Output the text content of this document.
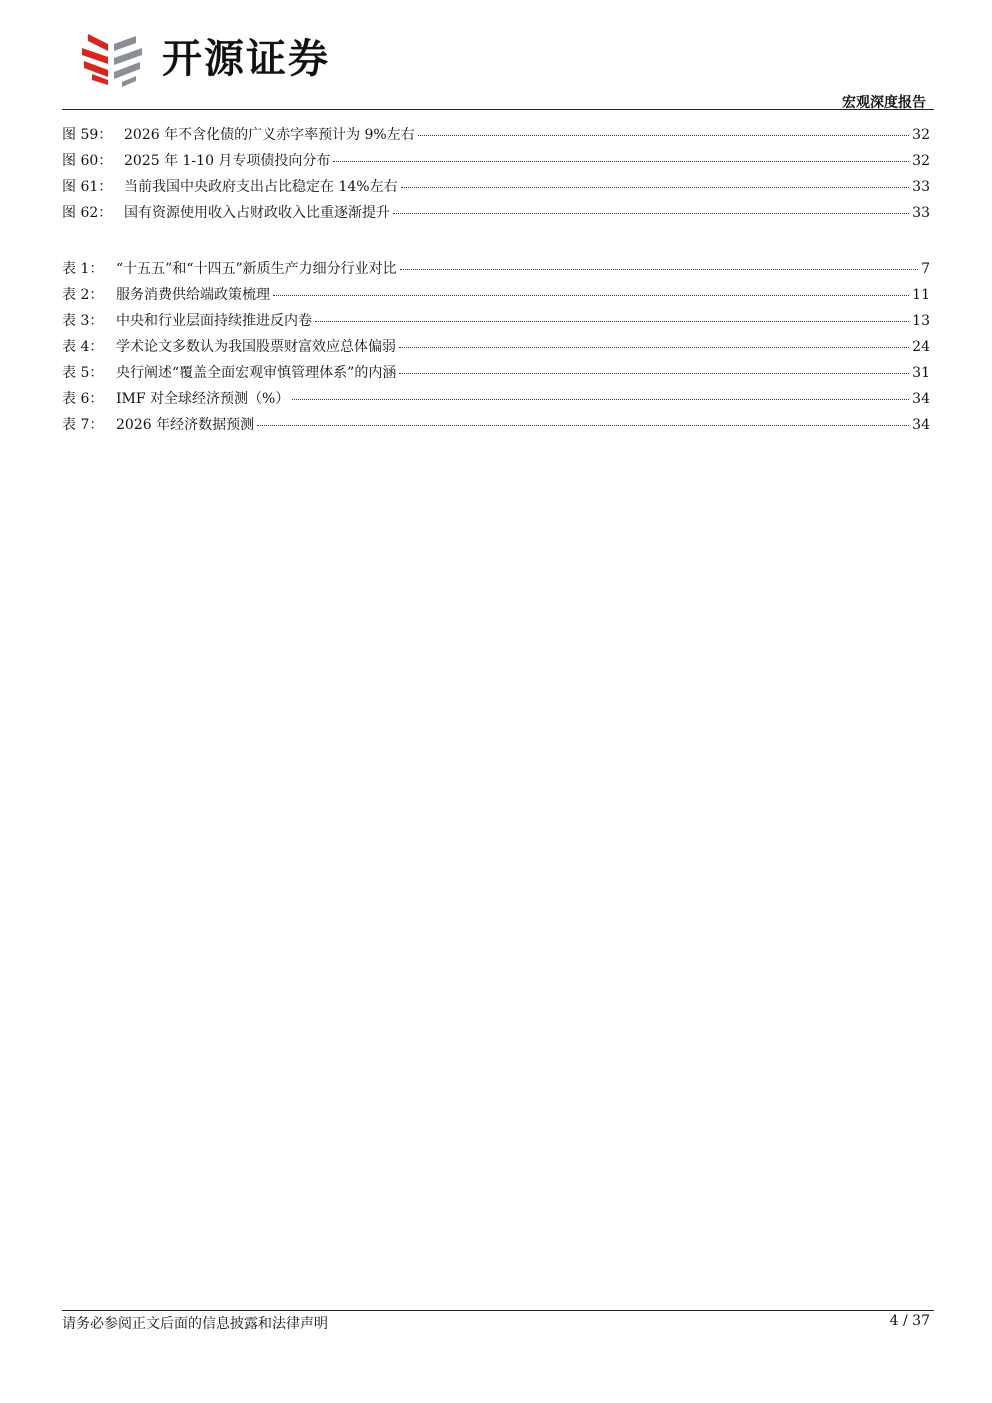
开源证券
宏观深度报告
图 59： 2026 年不含化债的广义赤字率预计为 9%左右	32
图 60： 2025 年 1-10 月专项债投向分布	32
图 61： 当前我国中央政府支出占比稳定在 14%左右	33
图 62： 国有资源使用收入占财政收入比重逐渐提升	33
表 1： “十五五”和“十四五”新质生产力细分行业对比	7
表 2： 服务消费供给端政策梳理	11
表 3： 中央和行业层面持续推进反内卷	13
表 4： 学术论文多数认为我国股票财富效应总体偏弱	24
表 5： 央行阐述“覆盖全面宏观审慎管理体系”的内涵	31
表 6： IMF 对全球经济预测（%）	34
表 7： 2026 年经济数据预测	34
请务必参阅正文后面的信息披露和法律声明	4 / 37
